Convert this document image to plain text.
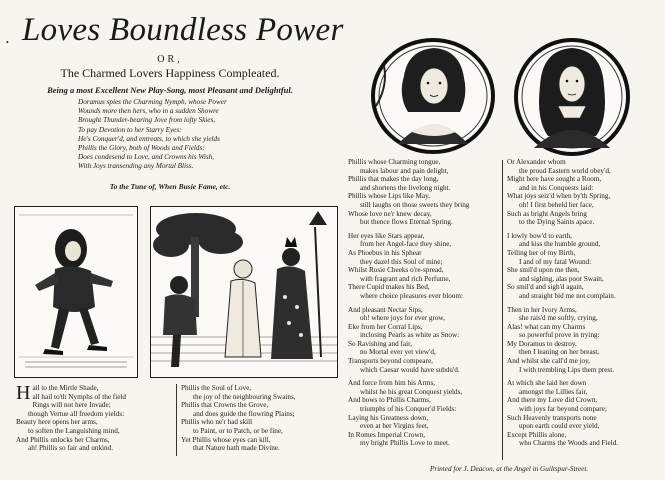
• Loves Boundless Power
OR,
The Charmed Lovers Happiness Compleated.
Being a most Excellent New Play-Song, most Pleasant and Delightful.
Doramus spies the Charming Nymph, whose Power
Wounds more then hers, who in a sudden Showre
Brought Thunder-bearing Jove from lofty Skies,
To pay Devotion to her Starry Eyes:
He's Conquer'd, and entreats, to which she yields
Phillis the Glory, both of Woods and Fields:
Does condesend to Love, and Crowns his Wish,
With Joys transending any Mortal Bliss.
To the Tune of, When Busie Fame, etc.
Hail to the Mirtle Shade,
all hail to'th Nymphs of the field
Rings will not here Invade;
though Vertue all freedom yields:
Beauty here opens her arms,
to soften the Languishing mind,
And Phillis unlocks her Charms,
ah! Phillis so fair and unkind.
Phillis the Soul of Love,
the joy of the neighbouring Swains,
Phillis that Crowns the Grove,
and does guide the flowring Plains;
Phillis who ne'r had skill
to Paint, or to Patch, or be fine,
Yet Phillis whose eyes can kill,
that Nature hath made Divine.
Phillis whose Charming tongue,
makes labour and pain delight,
Phillis that makes the day long,
and shortens the livelong night.
Phillis whose Lips like May,
still laughs on those sweets they bring
Whose love ne'r knew decay,
but thence flows Eternal Spring.
Her eyes like Stars appear,
from her Angel-face they shine,
As Phoebus in his Sphear
they dazel this Soul of mine;
Whilst Rosie Cheeks o're-spread,
with fragrant and rich Perfume,
There Cupid makes his Bed,
where choice pleasures ever bloom:
And pleasant Nectar Sips,
oh! where joys for ever grow,
Eke from her Corral Lips,
inclosing Pearls as white as Snow:
So Ravishing and fair,
no Mortal ever yet view'd,
Transports beyond compeare,
which Caesar would have subdu'd.
And force from him his Arms,
whilst he his great Conquest yields,
And bows to Phillis Charms,
triumphs of his Conquer'd Fields:
Laying his Greatness down,
even at her Virgins feet,
In Romes Imperial Crown,
my bright Phillis Love to meet.
Or Alexander whom
the proud Eastern world obey'd,
Might here have sought a Room,
and in his Conquests laid:
What joys seiz'd when by'th Spring,
oh! I first beheld her face,
Such as bright Angels bring
to the Dying Saints apace.
I lowly bow'd to earth,
and kiss the humble ground,
Telling her of my Birth,
I and of my fatal Wound:
She smil'd upon me then,
and sighing, alas poor Swain,
So smil'd and sigh'd again,
and straight bid me not complain.
Then in her Ivory Arms,
she rais'd me softly, crying,
Alas! what can my Charms
so powerful prove in trying:
My Doramus to destroy,
then I leaning on her breast,
And whilst she call'd me joy,
I with trembling Lips them prest.
At which she laid her down
amongst the Lillies fair,
And there my Love did Crown,
with joys far beyond compare;
Such Heavenly transports none
upon earth could ever yield,
Except Phillis alone,
who Charms the Woods and Field.
Printed for J. Deacon, at the Angel in Guiltspur-Street.
